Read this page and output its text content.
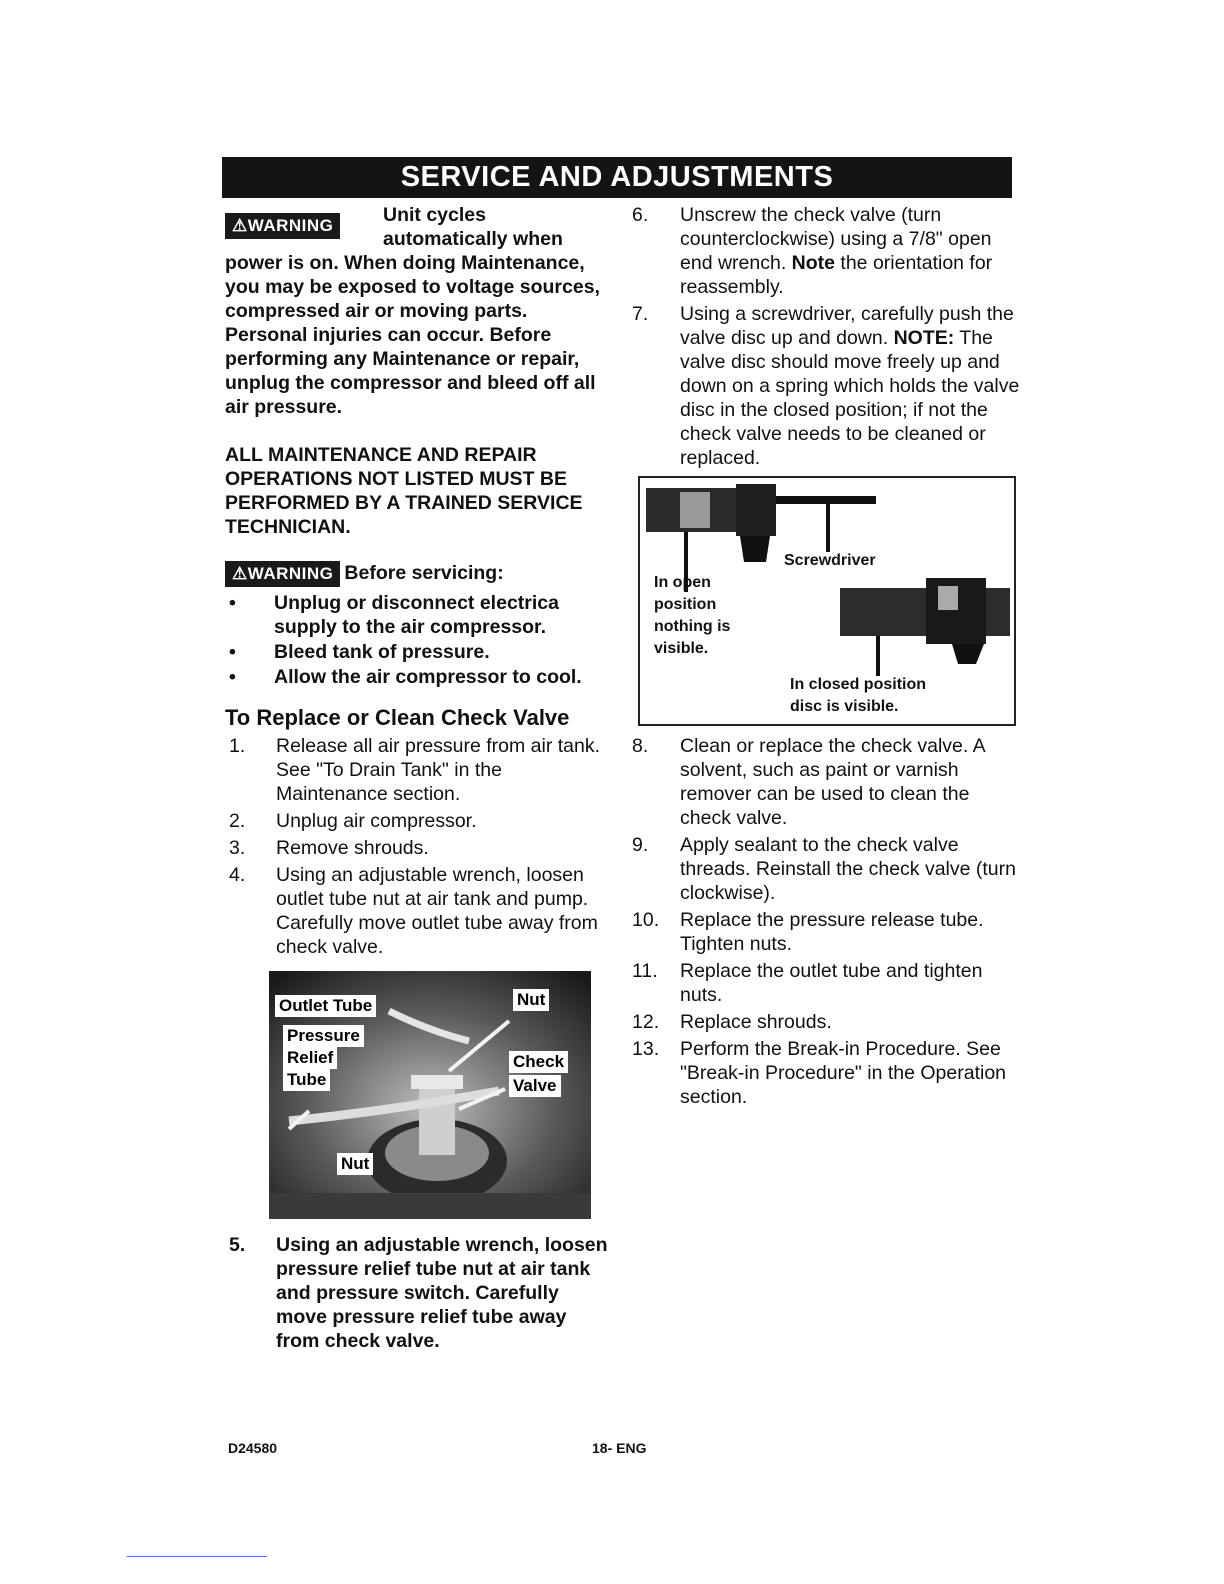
SERVICE AND ADJUSTMENTS
⚠WARNING	Unit cycles
automatically when
power is on. When doing Maintenance, you may be exposed to voltage sources, compressed air or moving parts. Personal injuries can occur. Before performing any Maintenance or repair, unplug the compressor and bleed off all air pressure.
ALL MAINTENANCE AND REPAIR OPERATIONS NOT LISTED MUST BE PERFORMED BY A TRAINED SERVICE TECHNICIAN.
⚠WARNING Before servicing:
• Unplug or disconnect electrica supply to the air compressor.
• Bleed tank of pressure.
• Allow the air compressor to cool.
To Replace or Clean Check Valve
1. Release all air pressure from air tank. See "To Drain Tank" in the Maintenance section.
2. Unplug air compressor.
3. Remove shrouds.
4. Using an adjustable wrench, loosen outlet tube nut at air tank and pump. Carefully move outlet tube away from check valve.
Outlet Tube	Nut
Pressure
Relief
Tube
Check
Valve
Nut
5. Using an adjustable wrench, loosen pressure relief tube nut at air tank and pressure switch. Carefully move pressure relief tube away from check valve.
6. Unscrew the check valve (turn counterclockwise) using a 7/8" open end wrench. Note the orientation for reassembly.
7. Using a screwdriver, carefully push the valve disc up and down. NOTE: The valve disc should move freely up and down on a spring which holds the valve disc in the closed position; if not the check valve needs to be cleaned or replaced.
Screwdriver
In open
position
nothing is
visible.
In closed position
disc is visible.
8. Clean or replace the check valve. A solvent, such as paint or varnish remover can be used to clean the check valve.
9. Apply sealant to the check valve threads. Reinstall the check valve (turn clockwise).
10. Replace the pressure release tube. Tighten nuts.
11. Replace the outlet tube and tighten nuts.
12. Replace shrouds.
13. Perform the Break-in Procedure. See "Break-in Procedure" in the Operation section.
D24580	18- ENG
